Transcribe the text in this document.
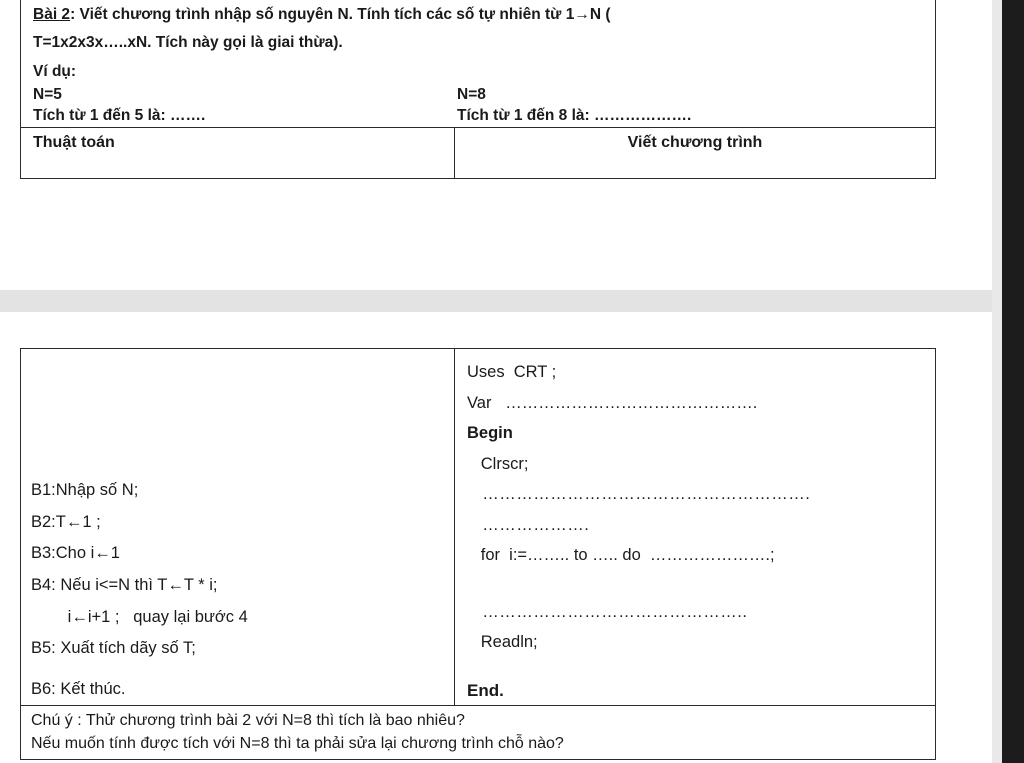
Bài 2: Viết chương trình nhập số nguyên N. Tính tích các số tự nhiên từ 1→N (
T=1x2x3x…..xN. Tích này gọi là giai thừa).
Ví dụ:
N=5	N=8
Tích từ 1 đến 5 là: …….	Tích từ 1 đến 8 là: ……………….
Thuật toán	Viết chương trình
B1:Nhập số N;
B2:T←1 ;
B3:Cho i←1
B4: Nếu i<=N thì T←T * i;
i←i+1 ;   quay lại bước 4
B5: Xuất tích dãy số T;
B6: Kết thúc.
Uses  CRT ;
Var   ……………………………………….
Begin
Clrscr;
………………………………………………….
……………….
for  i:=…….. to ….. do  ………………….;
………………………………………..
Readln;
End.
Chú ý : Thử chương trình bài 2 với N=8 thì tích là bao nhiêu?
Nếu muốn tính được tích với N=8 thì ta phải sửa lại chương trình chỗ nào?
